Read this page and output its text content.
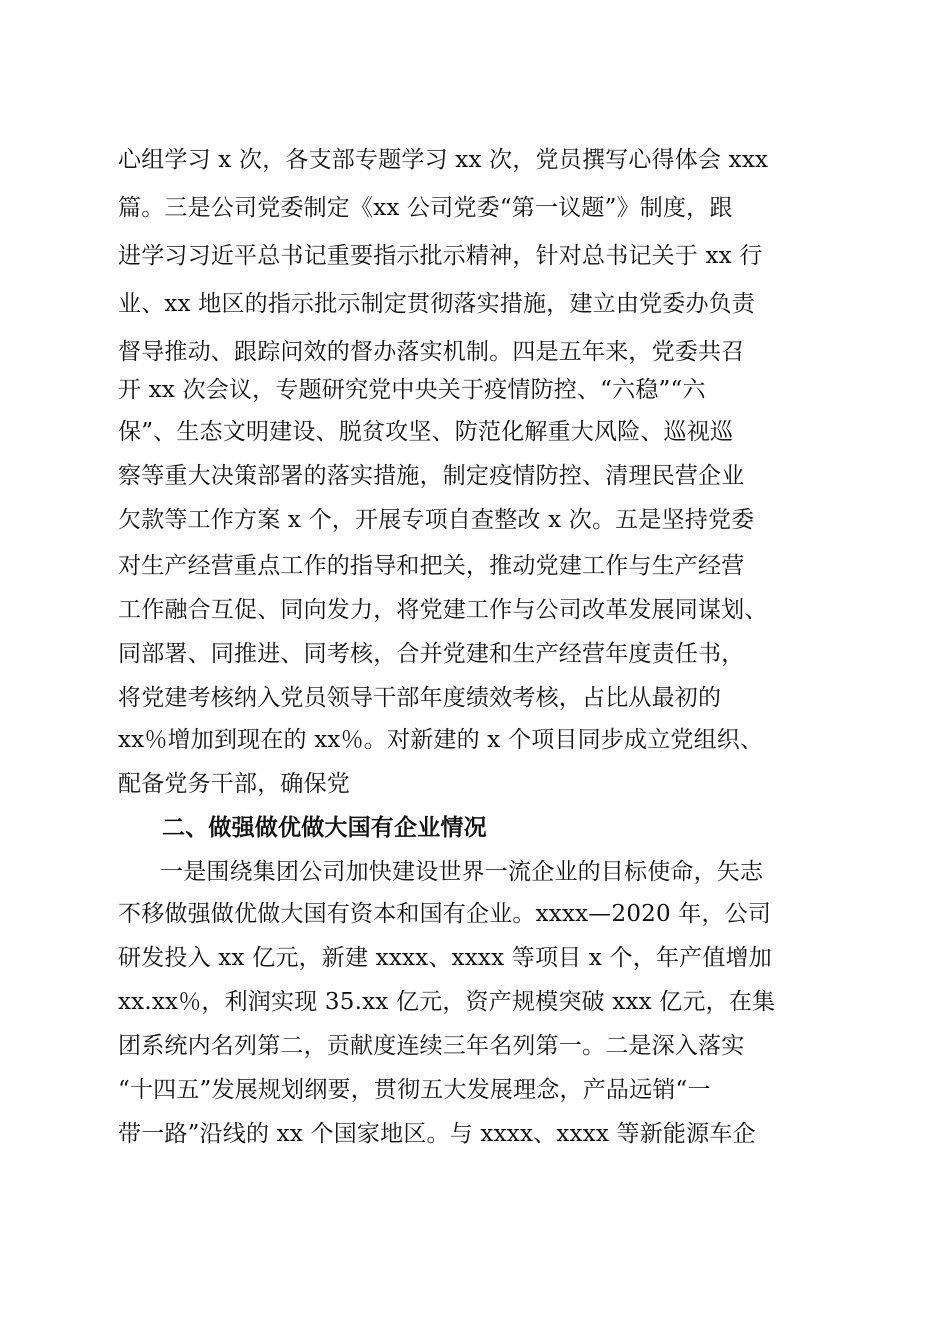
心组学习 x 次，各支部专题学习 xx 次，党员撰写心得体会 xxx
篇。三是公司党委制定《xx 公司党委“第一议题”》制度，跟
进学习习近平总书记重要指示批示精神，针对总书记关于 xx 行
业、xx 地区的指示批示制定贯彻落实措施，建立由党委办负责
督导推动、跟踪问效的督办落实机制。四是五年来，党委共召
开 xx 次会议，专题研究党中央关于疫情防控、“六稳”“六
保”、生态文明建设、脱贫攻坚、防范化解重大风险、巡视巡
察等重大决策部署的落实措施，制定疫情防控、清理民营企业
欠款等工作方案 x 个，开展专项自查整改 x 次。五是坚持党委
对生产经营重点工作的指导和把关，推动党建工作与生产经营
工作融合互促、同向发力，将党建工作与公司改革发展同谋划、
同部署、同推进、同考核，合并党建和生产经营年度责任书，
将党建考核纳入党员领导干部年度绩效考核，占比从最初的
xx％增加到现在的 xx％。对新建的 x 个项目同步成立党组织、
配备党务干部，确保党
二、做强做优做大国有企业情况
一是围绕集团公司加快建设世界一流企业的目标使命，矢志
不移做强做优做大国有资本和国有企业。xxxx—2020 年，公司
研发投入 xx 亿元，新建 xxxx、xxxx 等项目 x 个，年产值增加
xx.xx％，利润实现 35.xx 亿元，资产规模突破 xxx 亿元，在集
团系统内名列第二，贡献度连续三年名列第一。二是深入落实
“十四五”发展规划纲要，贯彻五大发展理念，产品远销“一
带一路”沿线的 xx 个国家地区。与 xxxx、xxxx 等新能源车企
